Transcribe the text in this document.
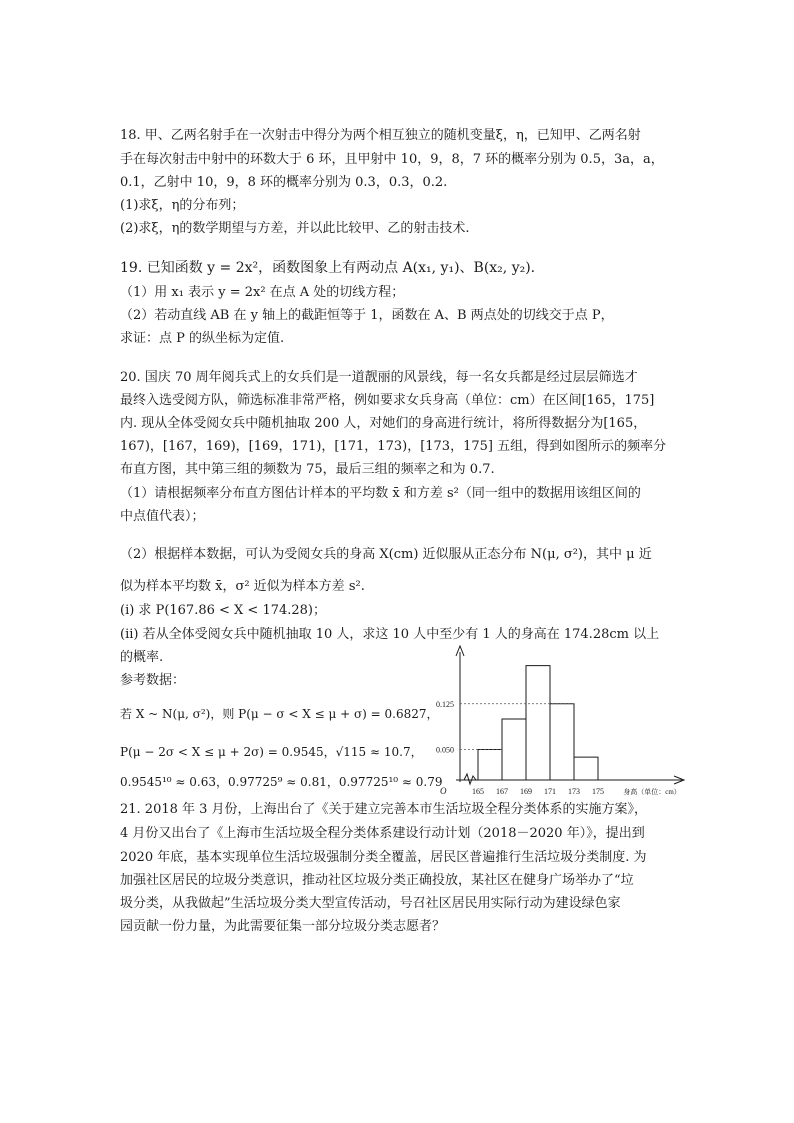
18. 甲、乙两名射手在一次射击中得分为两个相互独立的随机变量ξ，η，已知甲、乙两名射
手在每次射击中射中的环数大于 6 环，且甲射中 10，9，8，7 环的概率分别为 0.5，3a，a，
0.1，乙射中 10，9，8 环的概率分别为 0.3，0.3，0.2.
(1)求ξ，η的分布列；
(2)求ξ，η的数学期望与方差，并以此比较甲、乙的射击技术.
19. 已知函数 y = 2x²，函数图象上有两动点 A(x₁, y₁)、B(x₂, y₂).
（1）用 x₁ 表示 y = 2x² 在点 A 处的切线方程；
（2）若动直线 AB 在 y 轴上的截距恒等于 1，函数在 A、B 两点处的切线交于点 P，
求证：点 P 的纵坐标为定值.
20. 国庆 70 周年阅兵式上的女兵们是一道靓丽的风景线，每一名女兵都是经过层层筛选才
最终入选受阅方队，筛选标准非常严格，例如要求女兵身高（单位：cm）在区间[165，175]
内. 现从全体受阅女兵中随机抽取 200 人，对她们的身高进行统计，将所得数据分为[165，
167)，[167，169)，[169，171)，[171，173)，[173，175] 五组，得到如图所示的频率分
布直方图，其中第三组的频数为 75，最后三组的频率之和为 0.7.
（1）请根据频率分布直方图估计样本的平均数 x̄ 和方差 s²（同一组中的数据用该组区间的
中点值代表）；
（2）根据样本数据，可认为受阅女兵的身高 X(cm) 近似服从正态分布 N(μ, σ²)，其中 μ 近
似为样本平均数 x̄，σ² 近似为样本方差 s².
(i) 求 P(167.86 < X < 174.28)；
(ii) 若从全体受阅女兵中随机抽取 10 人，求这 10 人中至少有 1 人的身高在 174.28cm 以上
的概率.
参考数据：
若 X ~ N(μ, σ²)，则 P(μ − σ < X ≤ μ + σ) = 0.6827，
P(μ − 2σ < X ≤ μ + 2σ) = 0.9545，√115 ≈ 10.7，
0.9545¹⁰ ≈ 0.63，0.97725⁹ ≈ 0.81，0.97725¹⁰ ≈ 0.79
0.125
0.050
165 167 169 171 173 175	身高（单位：cm）
O
21. 2018 年 3 月份，上海出台了《关于建立完善本市生活垃圾全程分类体系的实施方案》，
4 月份又出台了《上海市生活垃圾全程分类体系建设行动计划（2018－2020 年）》，提出到
2020 年底，基本实现单位生活垃圾强制分类全覆盖，居民区普遍推行生活垃圾分类制度. 为
加强社区居民的垃圾分类意识，推动社区垃圾分类正确投放，某社区在健身广场举办了“垃
圾分类，从我做起”生活垃圾分类大型宣传活动，号召社区居民用实际行动为建设绿色家
园贡献一份力量，为此需要征集一部分垃圾分类志愿者？
